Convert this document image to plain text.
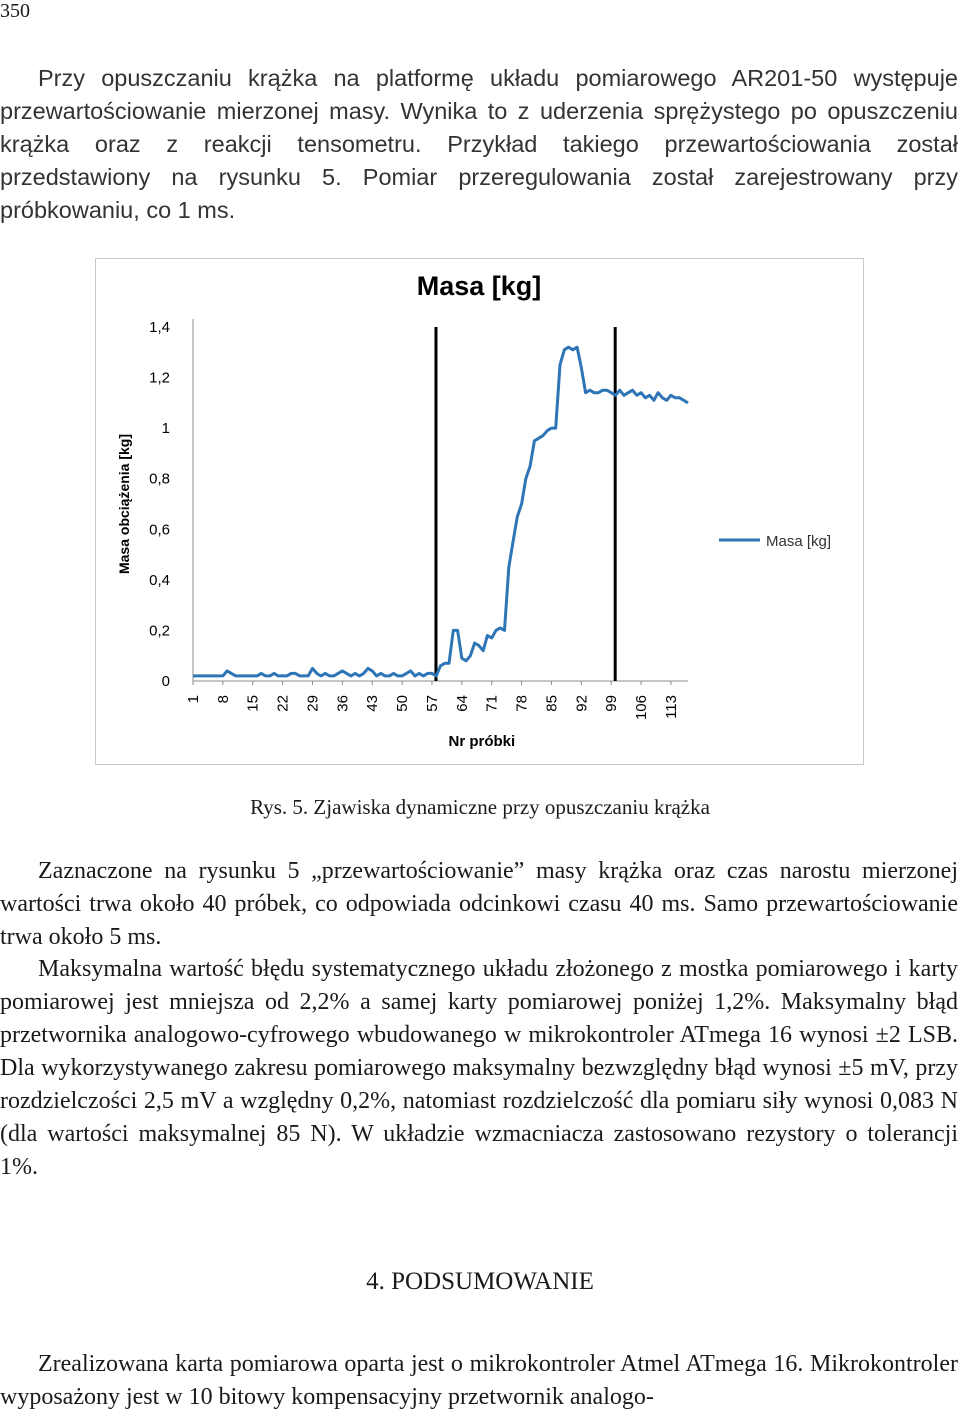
350

Przy opuszczaniu krążka na platformę układu pomiarowego AR201-50 występuje przewartościowanie mierzonej masy. Wynika to z uderzenia sprężystego po opuszczeniu krążka oraz z reakcji tensometru. Przykład takiego przewartościowania został przedstawiony na rysunku 5. Pomiar przeregulowania został zarejestrowany przy próbkowaniu, co 1 ms.

Masa [kg]
Masa obciążenia [kg]
0
0,2
0,4
0,6
0,8
1
1,2
1,4
1 8 15 22 29 36 43 50 57 64 71 78 85 92 99 106 113
Nr próbki
Masa [kg]
Rys. 5. Zjawiska dynamiczne przy opuszczaniu krążka

Zaznaczone na rysunku 5 „przewartościowanie” masy krążka oraz czas narostu mierzonej wartości trwa około 40 próbek, co odpowiada odcinkowi czasu 40 ms. Samo przewartościowanie trwa około 5 ms.

Maksymalna wartość błędu systematycznego układu złożonego z mostka pomiarowego i karty pomiarowej jest mniejsza od 2,2% a samej karty pomiarowej poniżej 1,2%. Maksymalny błąd przetwornika analogowo-cyfrowego wbudowanego w mikrokontroler ATmega 16 wynosi ±2 LSB. Dla wykorzystywanego zakresu pomiarowego maksymalny bezwzględny błąd wynosi ±5 mV, przy rozdzielczości 2,5 mV a względny 0,2%, natomiast rozdzielczość dla pomiaru siły wynosi 0,083 N (dla wartości maksymalnej 85 N). W układzie wzmacniacza zastosowano rezystory o tolerancji 1%.

4. PODSUMOWANIE

Zrealizowana karta pomiarowa oparta jest o mikrokontroler Atmel ATmega 16. Mikrokontroler wyposażony jest w 10 bitowy kompensacyjny przetwornik analogo-
